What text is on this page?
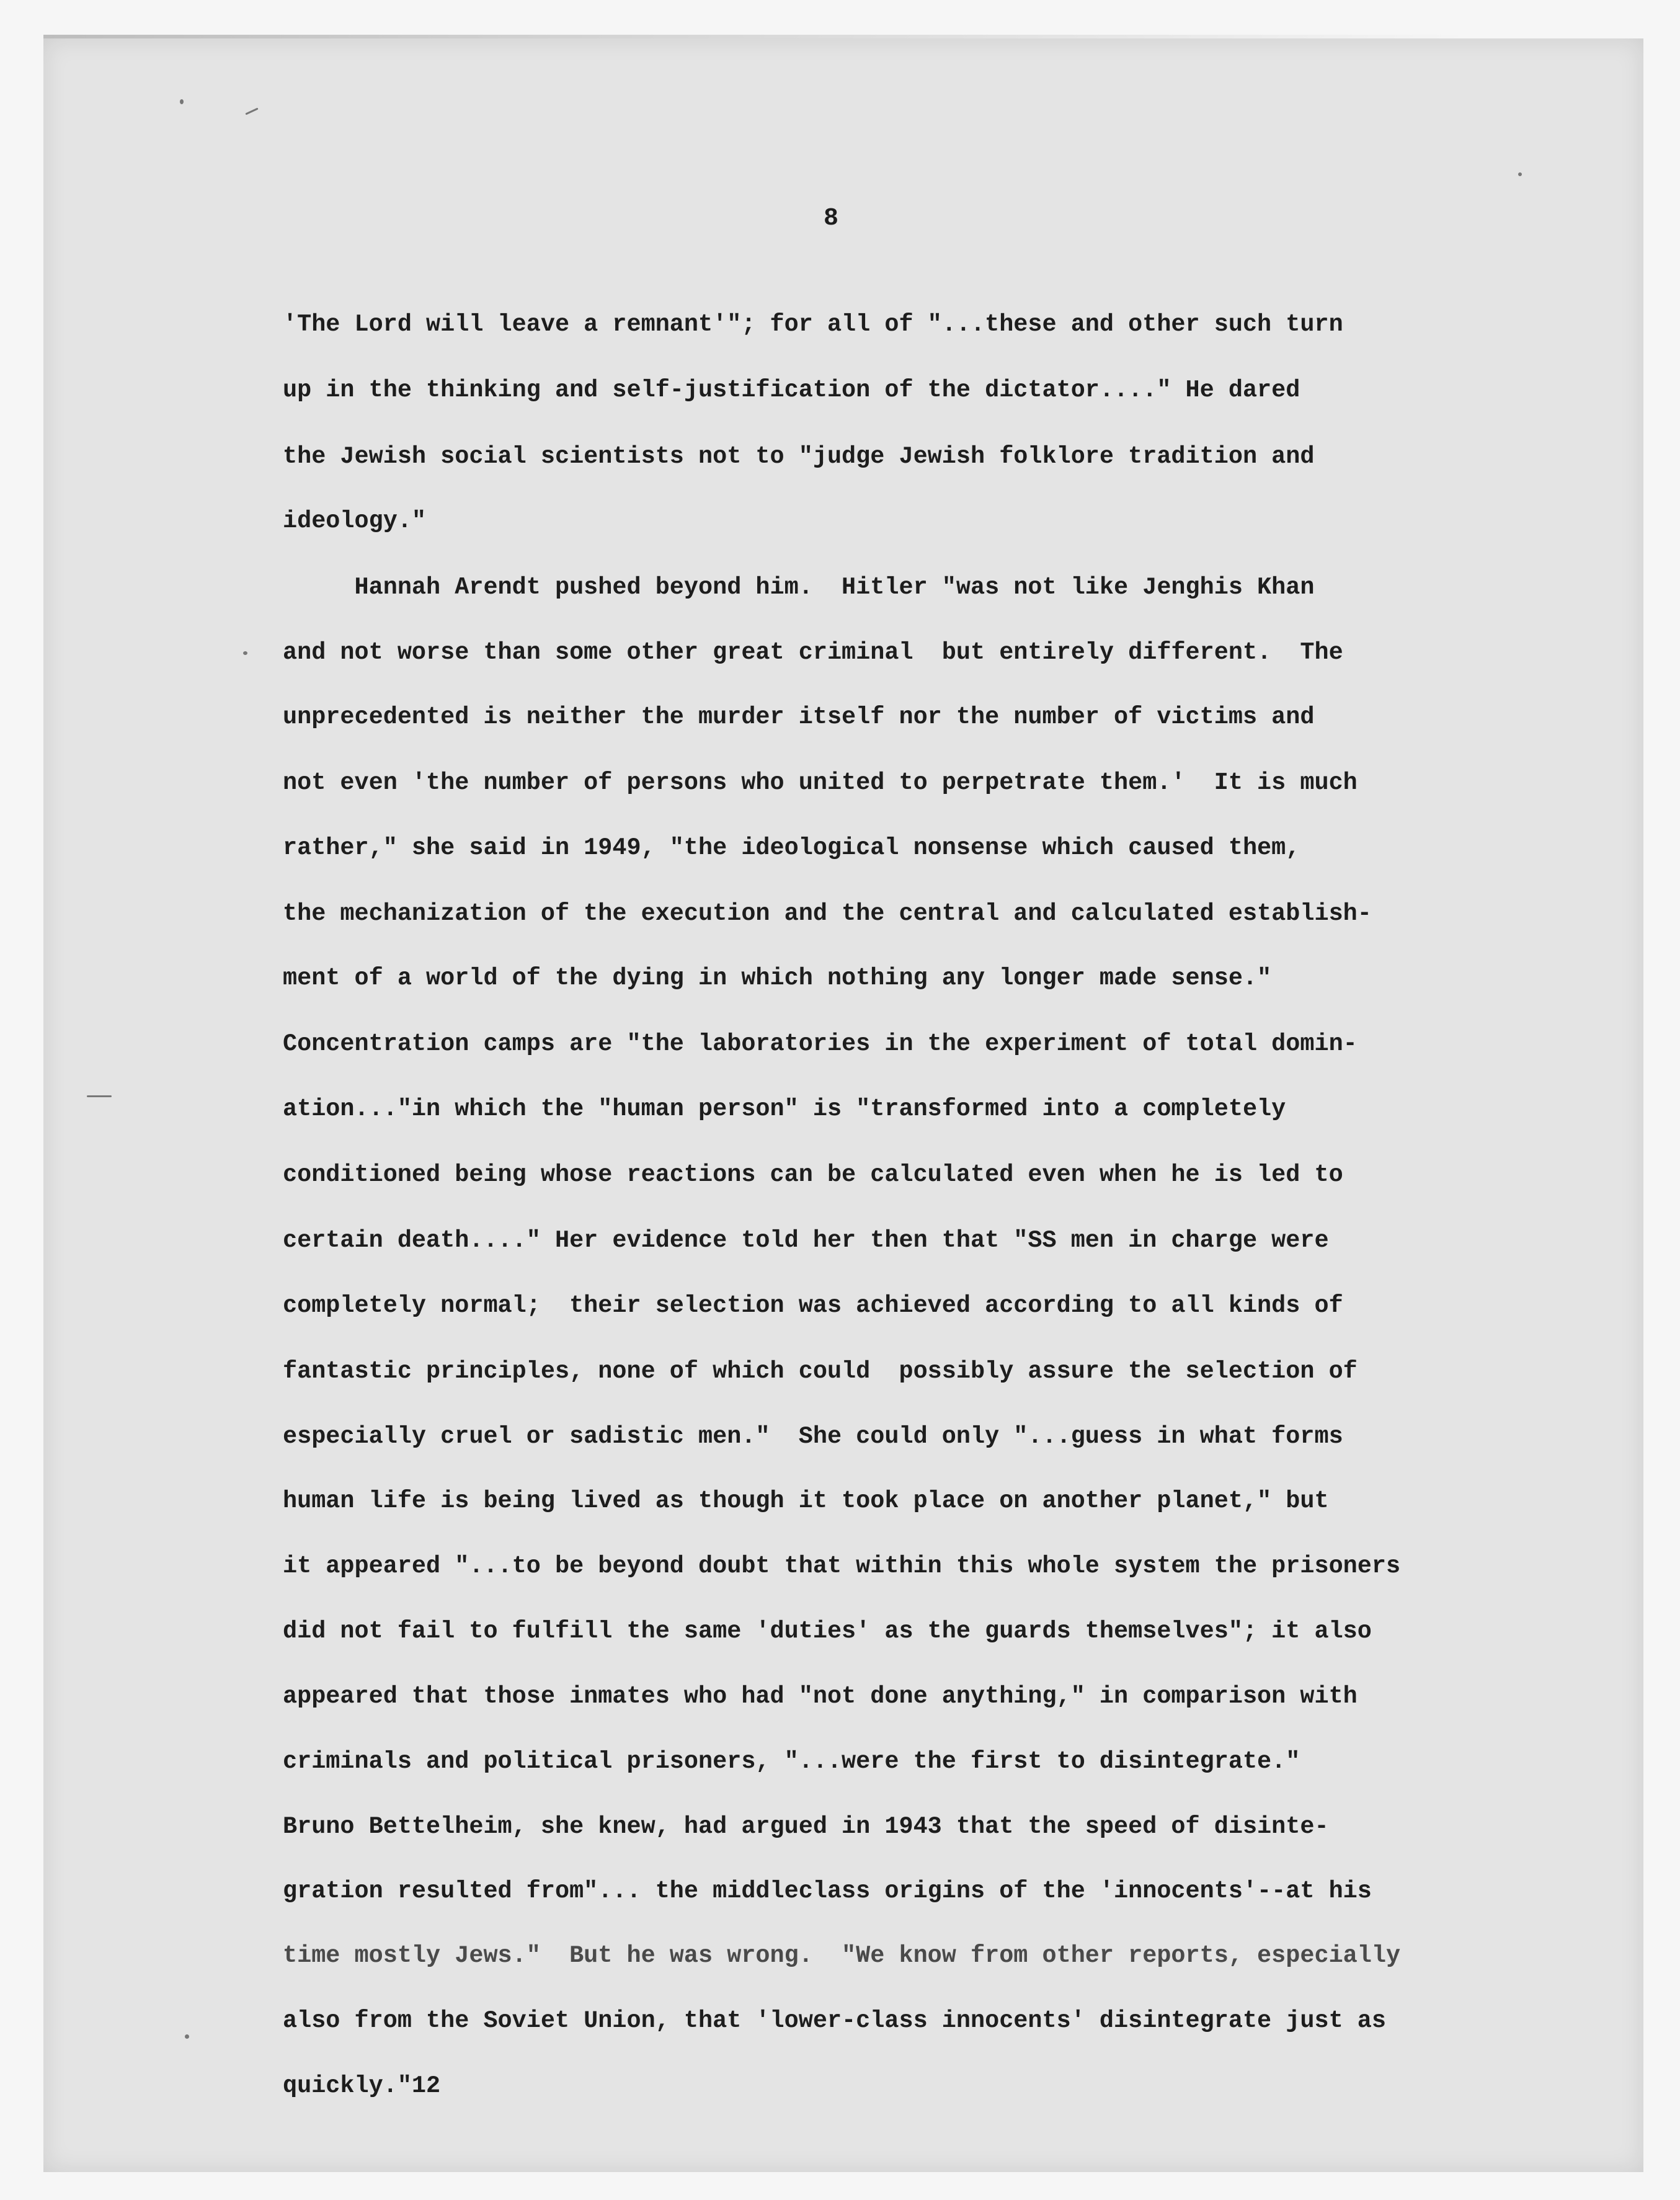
8
'The Lord will leave a remnant'"; for all of "...these and other such turn
up in the thinking and self-justification of the dictator...." He dared
the Jewish social scientists not to "judge Jewish folklore tradition and
ideology."
Hannah Arendt pushed beyond him.  Hitler "was not like Jenghis Khan
and not worse than some other great criminal  but entirely different.  The
unprecedented is neither the murder itself nor the number of victims and
not even 'the number of persons who united to perpetrate them.'  It is much
rather," she said in 1949, "the ideological nonsense which caused them,
the mechanization of the execution and the central and calculated establish-
ment of a world of the dying in which nothing any longer made sense."
Concentration camps are "the laboratories in the experiment of total domin-
ation..."in which the "human person" is "transformed into a completely
conditioned being whose reactions can be calculated even when he is led to
certain death...." Her evidence told her then that "SS men in charge were
completely normal;  their selection was achieved according to all kinds of
fantastic principles, none of which could  possibly assure the selection of
especially cruel or sadistic men."  She could only "...guess in what forms
human life is being lived as though it took place on another planet," but
it appeared "...to be beyond doubt that within this whole system the prisoners
did not fail to fulfill the same 'duties' as the guards themselves"; it also
appeared that those inmates who had "not done anything," in comparison with
criminals and political prisoners, "...were the first to disintegrate."
Bruno Bettelheim, she knew, had argued in 1943 that the speed of disinte-
gration resulted from"... the middleclass origins of the 'innocents'--at his
time mostly Jews."  But he was wrong.  "We know from other reports, especially
also from the Soviet Union, that 'lower-class innocents' disintegrate just as
quickly."12
